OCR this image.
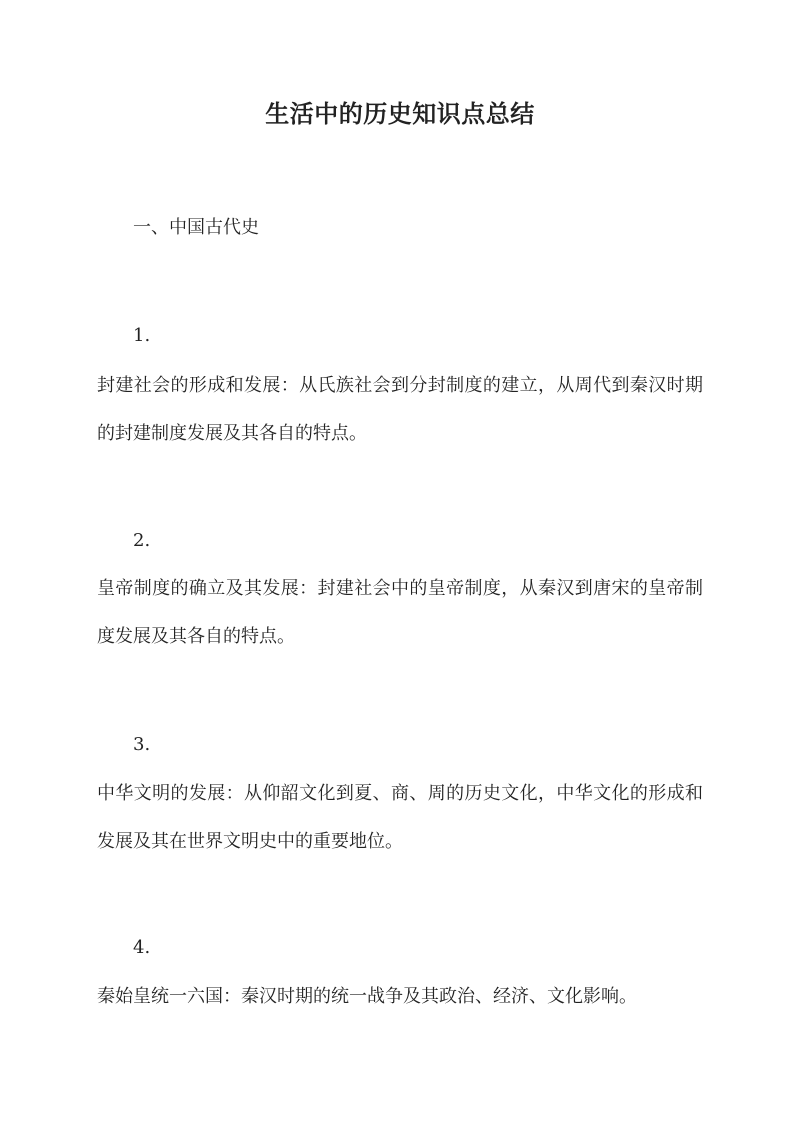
生活中的历史知识点总结
一、中国古代史

1.

封建社会的形成和发展：从氏族社会到分封制度的建立，从周代到秦汉时期的封建制度发展及其各自的特点。

2.

皇帝制度的确立及其发展：封建社会中的皇帝制度，从秦汉到唐宋的皇帝制度发展及其各自的特点。

3.

中华文明的发展：从仰韶文化到夏、商、周的历史文化，中华文化的形成和发展及其在世界文明史中的重要地位。

4.

秦始皇统一六国：秦汉时期的统一战争及其政治、经济、文化影响。
